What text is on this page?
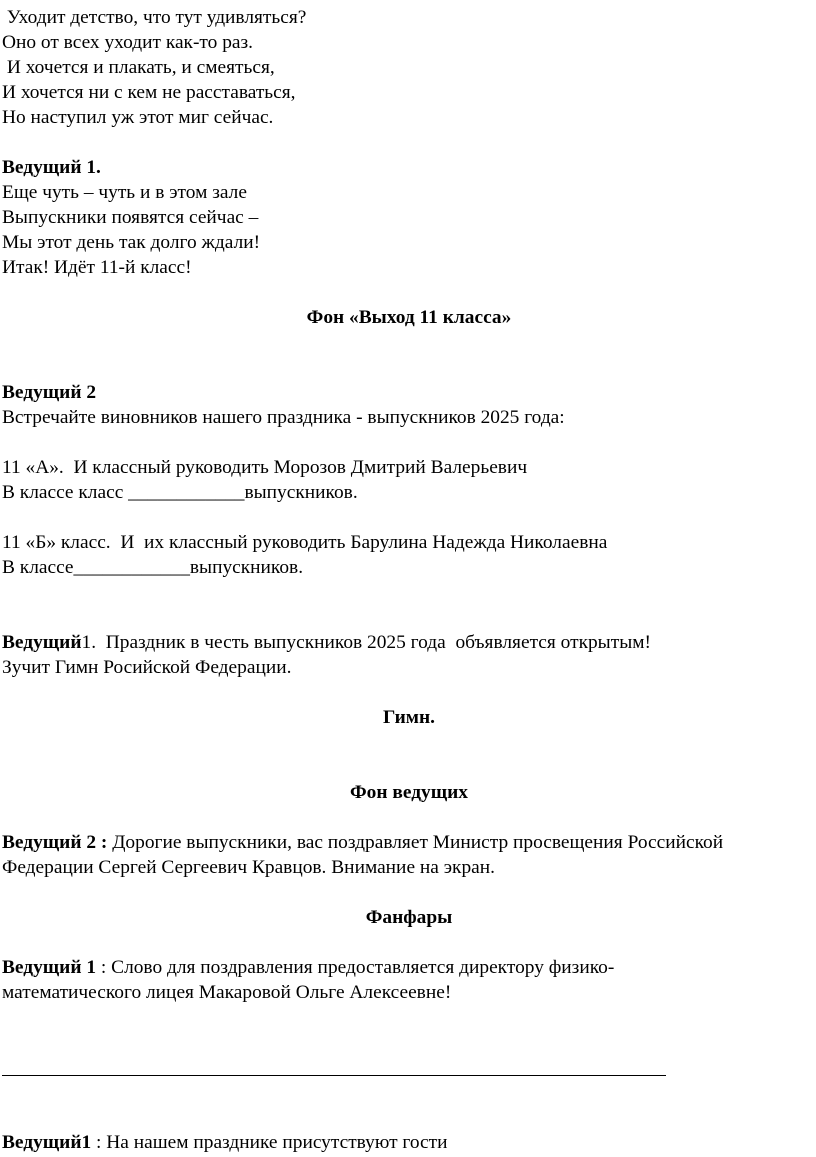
Уходит детство, что тут удивляться?
Оно от всех уходит как-то раз.
И хочется и плакать, и смеяться,
И хочется ни с кем не расставаться,
Но наступил уж этот миг сейчас.
Ведущий 1.
Еще чуть – чуть и в этом зале
Выпускники появятся сейчас –
Мы этот день так долго ждали!
Итак! Идёт 11-й класс!
Фон «Выход 11 класса»
Ведущий 2
Встречайте виновников нашего праздника - выпускников 2025 года:
11 «А».  И классный руководить Морозов Дмитрий Валерьевич
В классе класс ____________выпускников.
11 «Б» класс.  И  их классный руководить Барулина Надежда Николаевна
В классе____________выпускников.
Ведущий1.  Праздник в честь выпускников 2025 года  объявляется открытым!
Зучит Гимн Росийской Федерации.
Гимн.
Фон ведущих
Ведущий 2 : Дорогие выпускники, вас поздравляет Министр просвещения Российской
Федерации Сергей Сергеевич Кравцов. Внимание на экран.
Фанфары
Ведущий 1 : Слово для поздравления предоставляется директору физико-
математического лицея Макаровой Ольге Алексеевне!
Ведущий1 : На нашем празднике присутствуют гости
